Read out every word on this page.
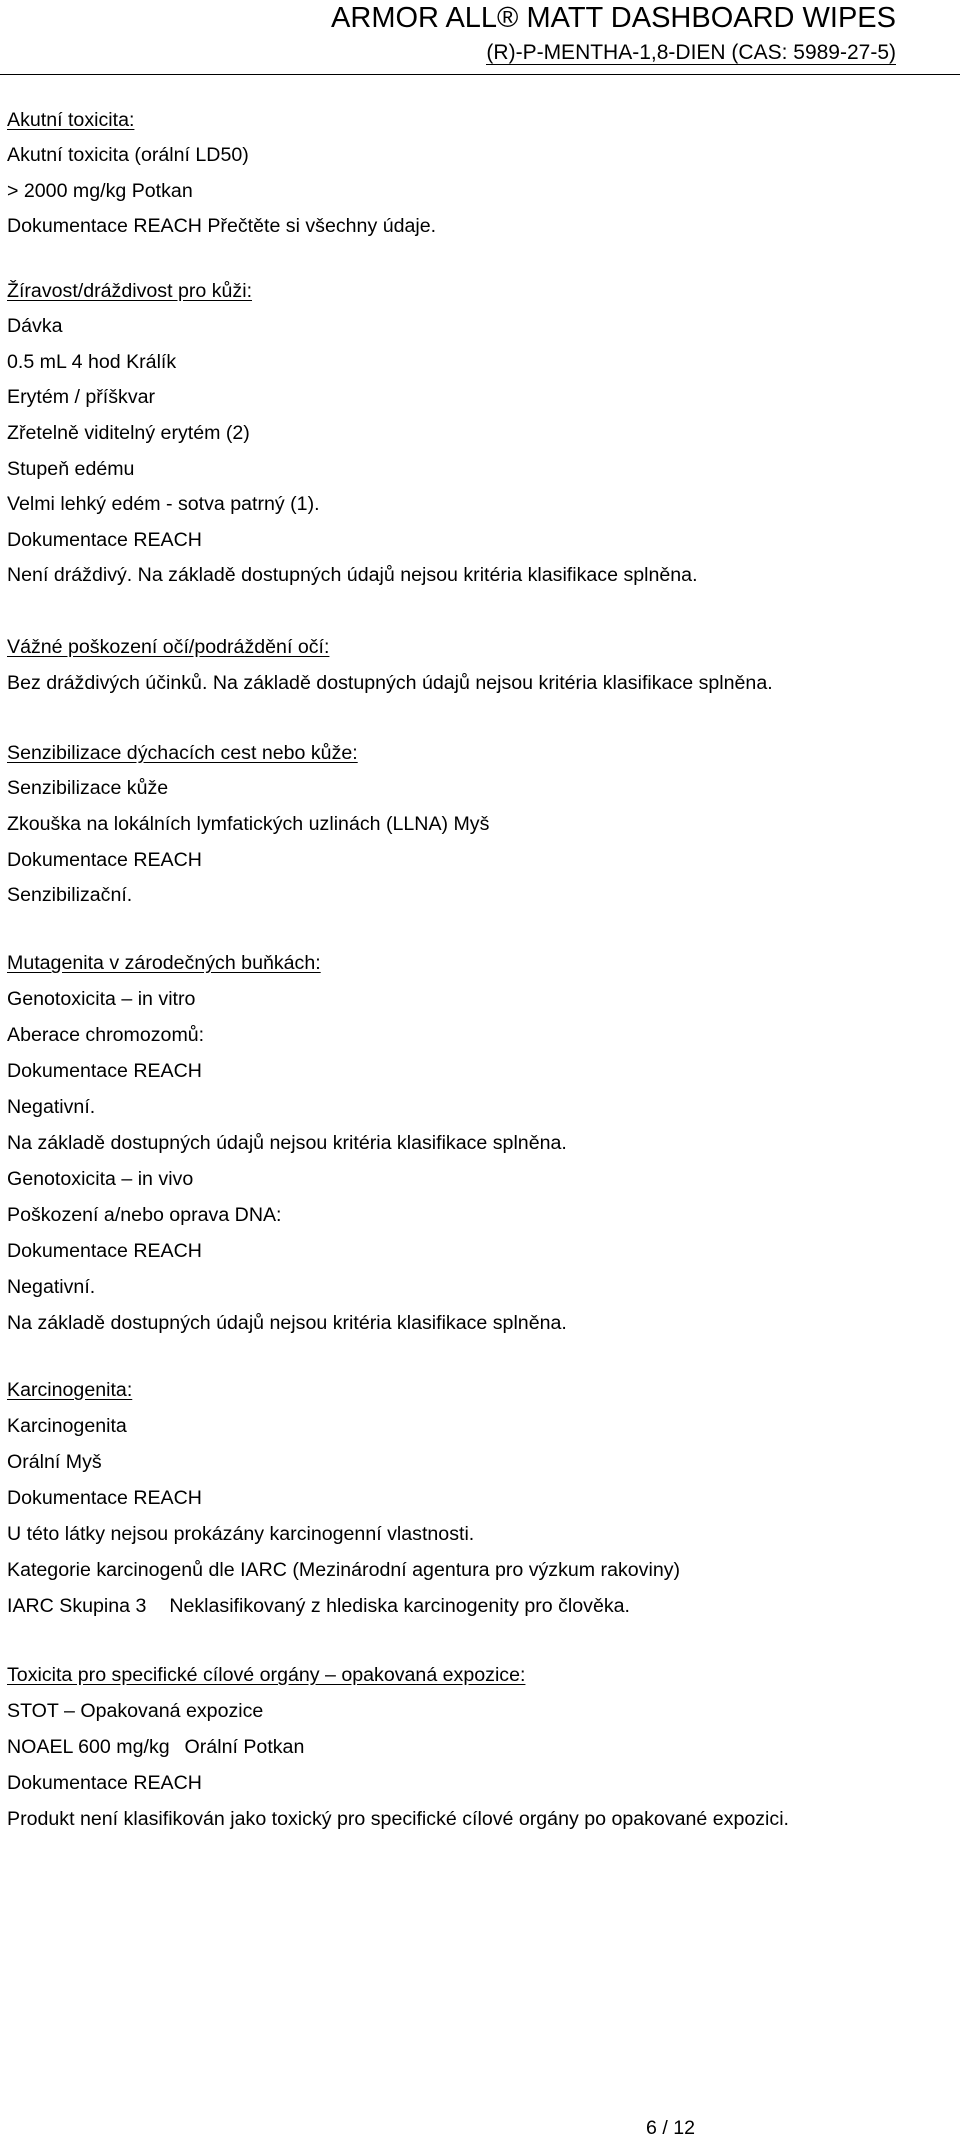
ARMOR ALL® MATT DASHBOARD WIPES
(R)-P-MENTHA-1,8-DIEN (CAS: 5989-27-5)
Akutní toxicita:
Akutní toxicita (orální LD50)
> 2000 mg/kg Potkan
Dokumentace REACH Přečtěte si všechny údaje.
Žíravost/dráždivost pro kůži:
Dávka
0.5 mL 4 hod Králík
Erytém / příškvar
Zřetelně viditelný erytém (2)
Stupeň edému
Velmi lehký edém - sotva patrný (1).
Dokumentace REACH
Není dráždivý. Na základě dostupných údajů nejsou kritéria klasifikace splněna.
Vážné poškození očí/podráždění očí:
Bez dráždivých účinků. Na základě dostupných údajů nejsou kritéria klasifikace splněna.
Senzibilizace dýchacích cest nebo kůže:
Senzibilizace kůže
Zkouška na lokálních lymfatických uzlinách (LLNA) Myš
Dokumentace REACH
Senzibilizační.
Mutagenita v zárodečných buňkách:
Genotoxicita – in vitro
Aberace chromozomů:
Dokumentace REACH
Negativní.
Na základě dostupných údajů nejsou kritéria klasifikace splněna.
Genotoxicita – in vivo
Poškození a/nebo oprava DNA:
Dokumentace REACH
Negativní.
Na základě dostupných údajů nejsou kritéria klasifikace splněna.
Karcinogenita:
Karcinogenita
Orální Myš
Dokumentace REACH
U této látky nejsou prokázány karcinogenní vlastnosti.
Kategorie karcinogenů dle IARC (Mezinárodní agentura pro výzkum rakoviny)
IARC Skupina 3 Neklasifikovaný z hlediska karcinogenity pro člověka.
Toxicita pro specifické cílové orgány – opakovaná expozice:
STOT – Opakovaná expozice
NOAEL 600 mg/kg Orální Potkan
Dokumentace REACH
Produkt není klasifikován jako toxický pro specifické cílové orgány po opakované expozici.
6 / 12
